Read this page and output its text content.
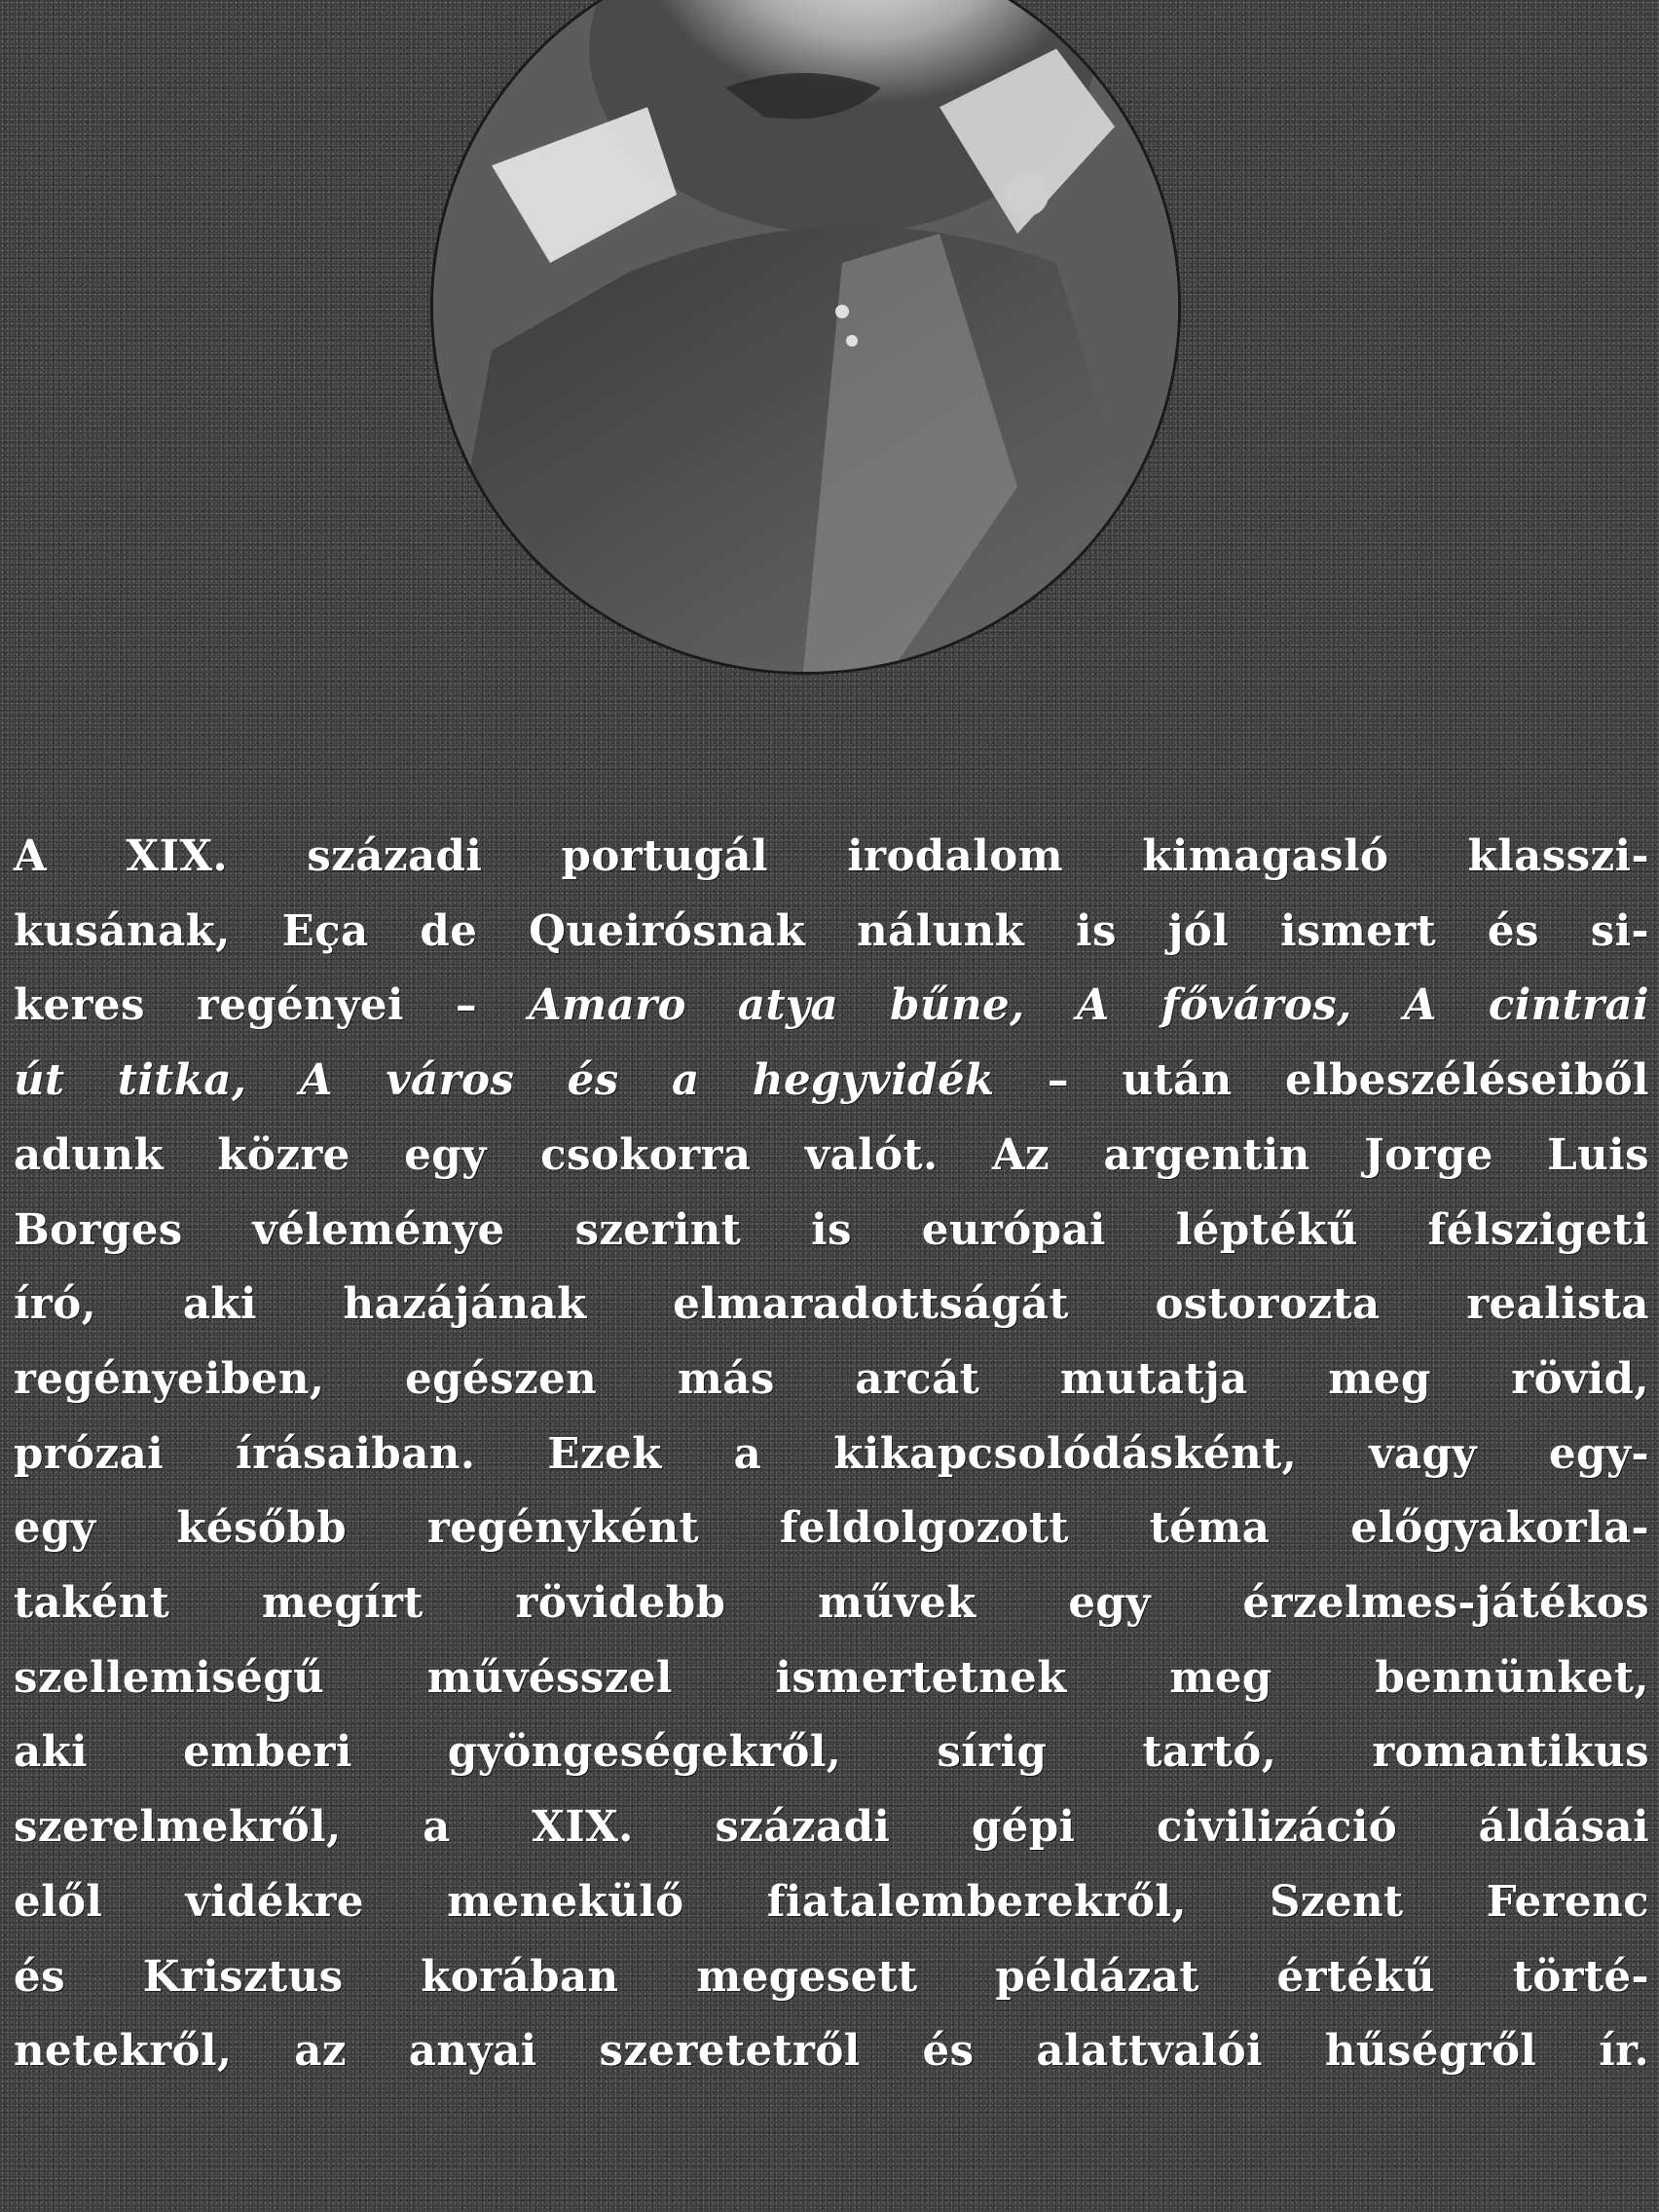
A XIX. századi portugál irodalom kimagasló klasszi-
kusának, Eça de Queirósnak nálunk is jól ismert és si-
keres regényei – Amaro atya bűne, A főváros, A cintrai
út titka, A város és a hegyvidék – után elbeszéléseiből
adunk közre egy csokorra valót. Az argentin Jorge Luis
Borges véleménye szerint is európai léptékű félszigeti
író, aki hazájának elmaradottságát ostorozta realista
regényeiben, egészen más arcát mutatja meg rövid,
prózai írásaiban. Ezek a kikapcsolódásként, vagy egy-
egy később regényként feldolgozott téma előgyakorla-
taként megírt rövidebb művek egy érzelmes-játékos
szellemiségű művésszel ismertetnek meg bennünket,
aki emberi gyöngeségekről, sírig tartó, romantikus
szerelmekről, a XIX. századi gépi civilizáció áldásai
elől vidékre menekülő fiatalemberekről, Szent Ferenc
és Krisztus korában megesett példázat értékű törté-
netekről, az anyai szeretetről és alattvalói hűségről ír.
